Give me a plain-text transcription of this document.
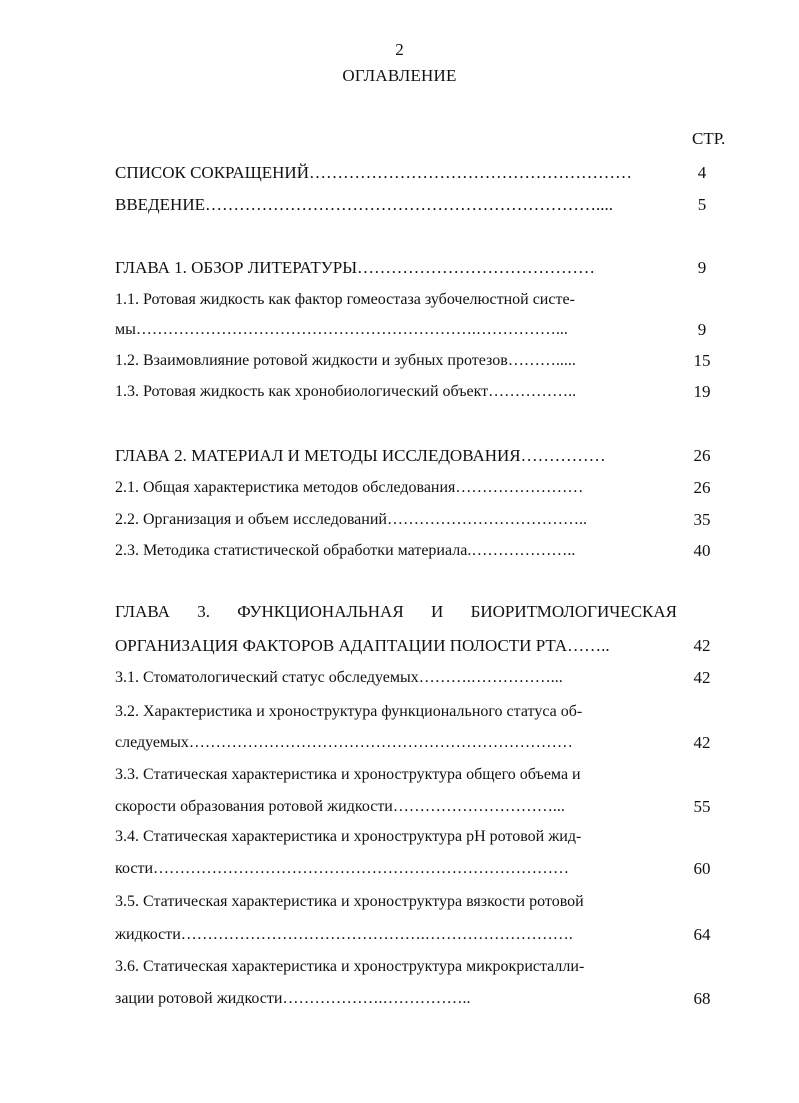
2
ОГЛАВЛЕНИЕ
СТР.
СПИСОК СОКРАЩЕНИЙ…………………………………………………	4
ВВЕДЕНИЕ……………………………………………………………....	5
ГЛАВА 1. ОБЗОР ЛИТЕРАТУРЫ……………………………………	9
1.1. Ротовая жидкость как фактор гомеостаза зубочелюстной систе-
мы……………………………………………………….……………...	9
1.2. Взаимовлияние ротовой жидкости и зубных протезов……….....	15
1.3. Ротовая жидкость как хронобиологический объект……………..	19
ГЛАВА 2. МАТЕРИАЛ И МЕТОДЫ ИССЛЕДОВАНИЯ……………	26
2.1. Общая характеристика методов обследования……………………	26
2.2. Организация и объем исследований………………………………..	35
2.3. Методика статистической обработки материала.………………..	40
ГЛАВА 3. ФУНКЦИОНАЛЬНАЯ И БИОРИТМОЛОГИЧЕСКАЯ
ОРГАНИЗАЦИЯ ФАКТОРОВ АДАПТАЦИИ ПОЛОСТИ РТА……..	42
3.1. Стоматологический статус обследуемых……….……………...	42
3.2. Характеристика и хроноструктура функционального статуса об-
следуемых………………………………………………………………	42
3.3. Статическая характеристика и хроноструктура общего объема и
скорости образования ротовой жидкости…………………………...	55
3.4. Статическая характеристика и хроноструктура pH ротовой жид-
кости……………………………………………………………………	60
3.5. Статическая характеристика и хроноструктура вязкости ротовой
жидкости……………………………………….……………………….	64
3.6. Статическая характеристика и хроноструктура микрокристалли-
зации ротовой жидкости……………….……………..	68
